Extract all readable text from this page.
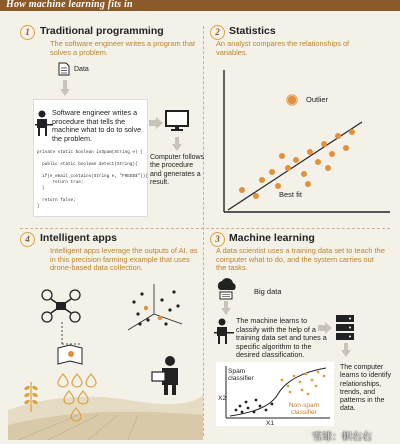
How machine learning fits in
1 Traditional programming
The software engineer writes a program that solves a problem.
Data
Software engineer writes a procedure that tells the machine what to do to solve the problem.
private static boolean isSpam(String e) {

public static boolean detect(String){

if(e_email_contains(String e, "FREE$$")){
return true;
}

return false;
}
Computer follows the procedure and generates a result.
2 Statistics
An analyst compares the relationships of variables.
Outlier
Best fit
4 Intelligent apps
Intelligent apps leverage the outputs of AI, as in this precision farming example that uses drone-based data collection.
3 Machine learning
A data scientist uses a training data set to teach the computer what to do, and the system carries out the tasks.
Big data
The machine learns to classify with the help of a training data set and tunes a specific algorithm to the desired classification.
The computer learns to identify relationships, trends, and patterns in the data.
Spam classifier
Non-spam classifier
X2
X1
雪球：帜右右
